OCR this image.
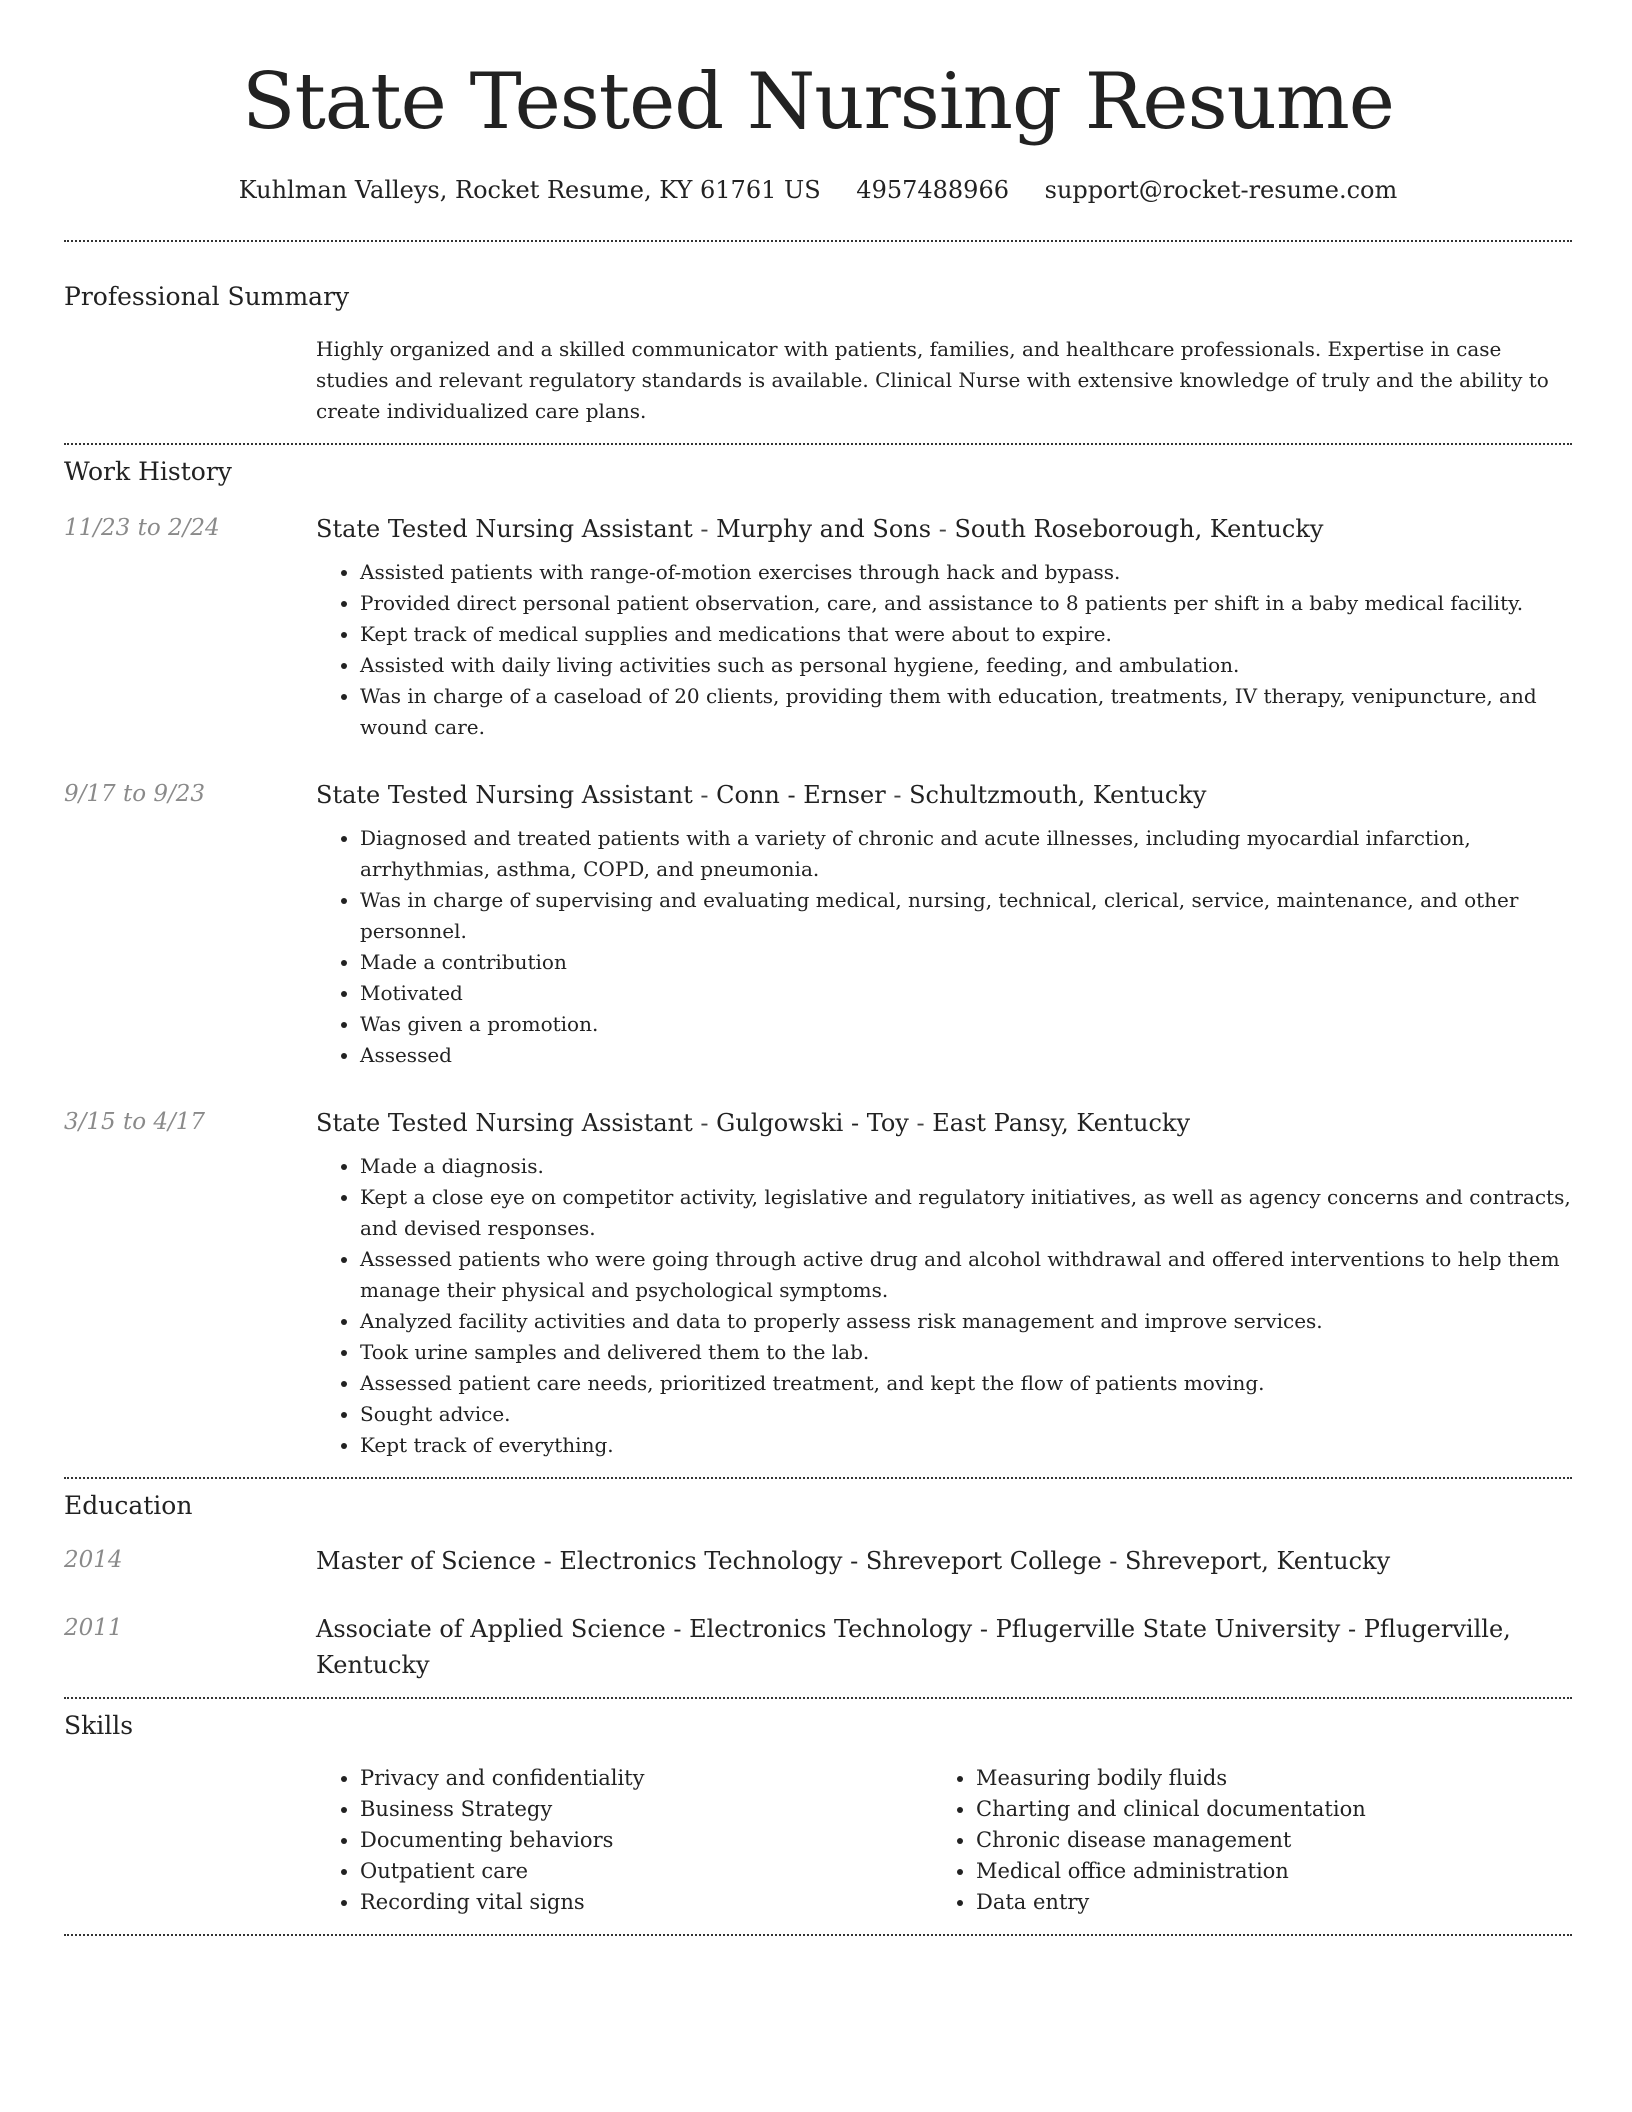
State Tested Nursing Resume
Kuhlman Valleys, Rocket Resume, KY 61761 US 4957488966 support@rocket-resume.com
Professional Summary
Highly organized and a skilled communicator with patients, families, and healthcare professionals. Expertise in case studies and relevant regulatory standards is available. Clinical Nurse with extensive knowledge of truly and the ability to create individualized care plans.
Work History
11/23 to 2/24	State Tested Nursing Assistant - Murphy and Sons - South Roseborough, Kentucky
• Assisted patients with range-of-motion exercises through hack and bypass.
• Provided direct personal patient observation, care, and assistance to 8 patients per shift in a baby medical facility.
• Kept track of medical supplies and medications that were about to expire.
• Assisted with daily living activities such as personal hygiene, feeding, and ambulation.
• Was in charge of a caseload of 20 clients, providing them with education, treatments, IV therapy, venipuncture, and wound care.
9/17 to 9/23	State Tested Nursing Assistant - Conn - Ernser - Schultzmouth, Kentucky
• Diagnosed and treated patients with a variety of chronic and acute illnesses, including myocardial infarction, arrhythmias, asthma, COPD, and pneumonia.
• Was in charge of supervising and evaluating medical, nursing, technical, clerical, service, maintenance, and other personnel.
• Made a contribution
• Motivated
• Was given a promotion.
• Assessed
3/15 to 4/17	State Tested Nursing Assistant - Gulgowski - Toy - East Pansy, Kentucky
• Made a diagnosis.
• Kept a close eye on competitor activity, legislative and regulatory initiatives, as well as agency concerns and contracts, and devised responses.
• Assessed patients who were going through active drug and alcohol withdrawal and offered interventions to help them manage their physical and psychological symptoms.
• Analyzed facility activities and data to properly assess risk management and improve services.
• Took urine samples and delivered them to the lab.
• Assessed patient care needs, prioritized treatment, and kept the flow of patients moving.
• Sought advice.
• Kept track of everything.
Education
2014	Master of Science - Electronics Technology - Shreveport College - Shreveport, Kentucky
2011	Associate of Applied Science - Electronics Technology - Pflugerville State University - Pflugerville, Kentucky
Skills
• Privacy and confidentiality
• Business Strategy
• Documenting behaviors
• Outpatient care
• Recording vital signs
• Measuring bodily fluids
• Charting and clinical documentation
• Chronic disease management
• Medical office administration
• Data entry
